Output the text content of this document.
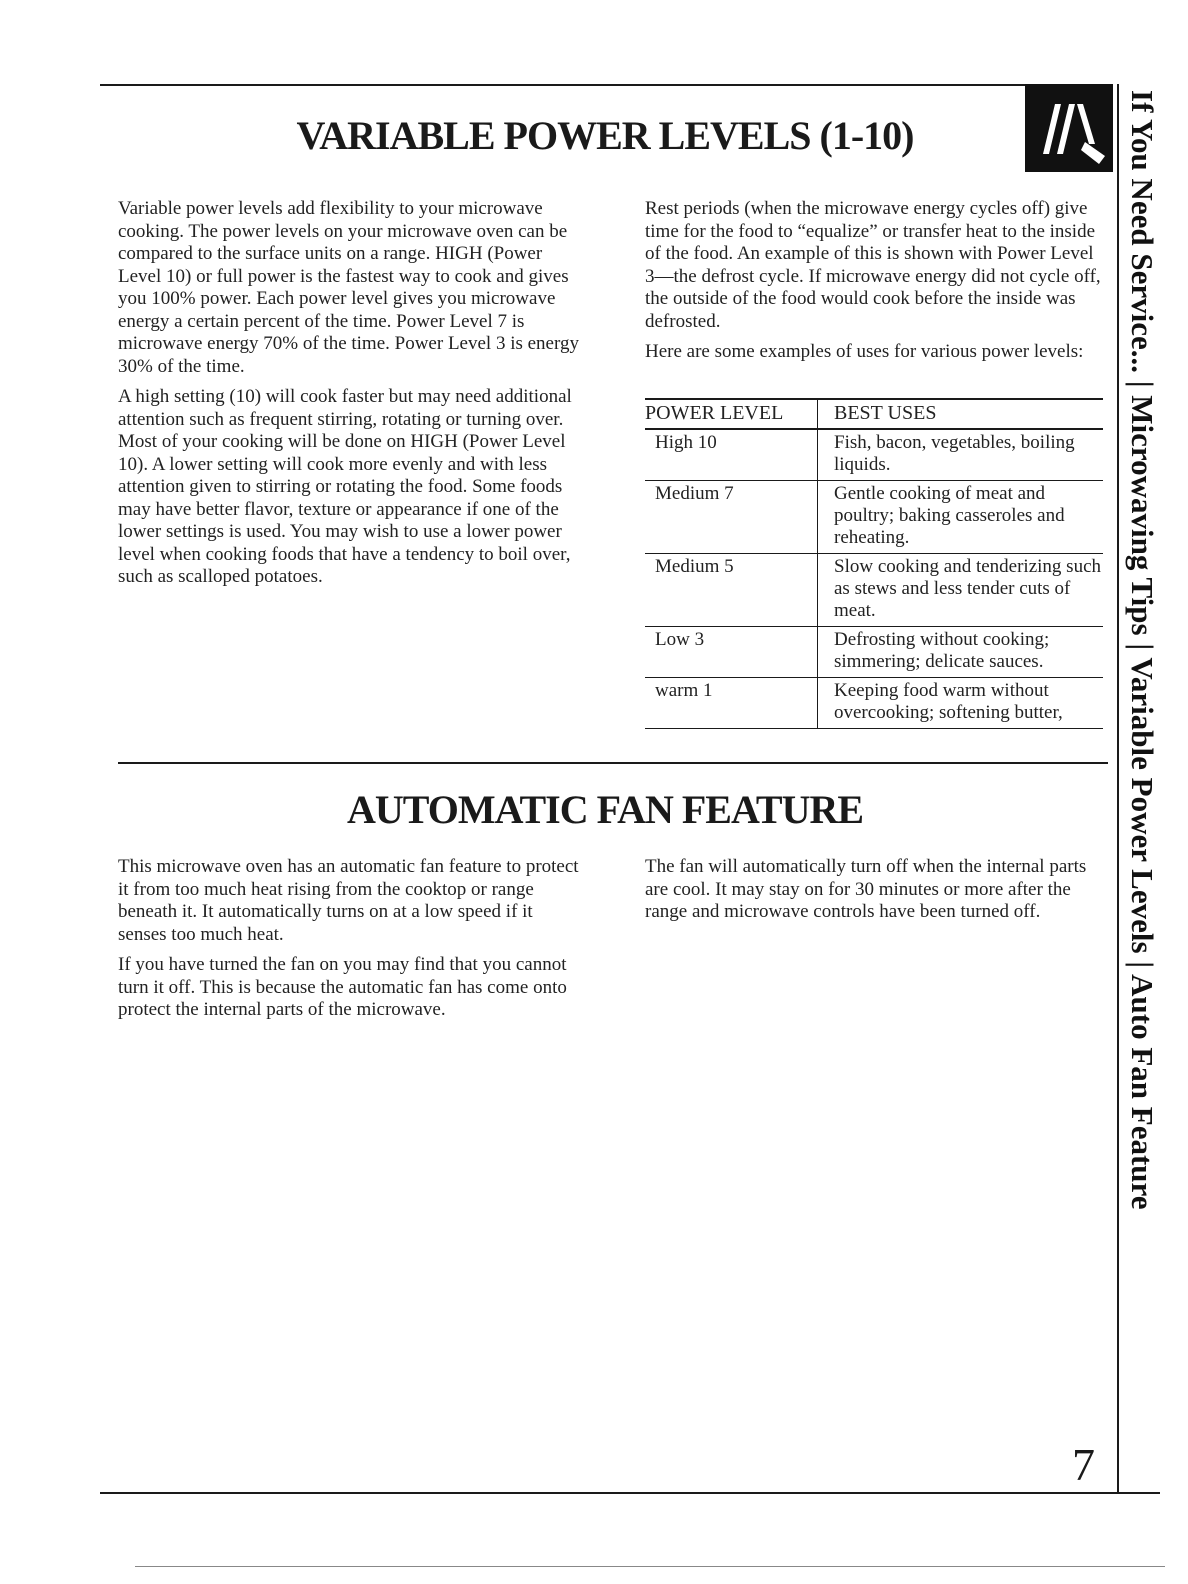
VARIABLE POWER LEVELS (1-10)

Variable power levels add flexibility to your microwave cooking. The power levels on your microwave oven can be compared to the surface units on a range. HIGH (Power Level 10) or full power is the fastest way to cook and gives you 100% power. Each power level gives you microwave energy a certain percent of the time. Power Level 7 is microwave energy 70% of the time. Power Level 3 is energy 30% of the time.

A high setting (10) will cook faster but may need additional attention such as frequent stirring, rotating or turning over. Most of your cooking will be done on HIGH (Power Level 10). A lower setting will cook more evenly and with less attention given to stirring or rotating the food. Some foods may have better flavor, texture or appearance if one of the lower settings is used. You may wish to use a lower power level when cooking foods that have a tendency to boil over, such as scalloped potatoes.

Rest periods (when the microwave energy cycles off) give time for the food to “equalize” or transfer heat to the inside of the food. An example of this is shown with Power Level 3—the defrost cycle. If microwave energy did not cycle off, the outside of the food would cook before the inside was defrosted.

Here are some examples of uses for various power levels:

POWER LEVEL	BEST USES
High 10	Fish, bacon, vegetables, boiling liquids.
Medium 7	Gentle cooking of meat and poultry; baking casseroles and reheating.
Medium 5	Slow cooking and tenderizing such as stews and less tender cuts of meat.
Low 3	Defrosting without cooking; simmering; delicate sauces.
warm 1	Keeping food warm without overcooking; softening butter,
AUTOMATIC FAN FEATURE

This microwave oven has an automatic fan feature to protect it from too much heat rising from the cooktop or range beneath it. It automatically turns on at a low speed if it senses too much heat.

If you have turned the fan on you may find that you cannot turn it off. This is because the automatic fan has come onto protect the internal parts of the microwave.

The fan will automatically turn off when the internal parts are cool. It may stay on for 30 minutes or more after the range and microwave controls have been turned off.	If You Need Service... | Microwaving Tips | Variable Power Levels | Auto Fan Feature
7
